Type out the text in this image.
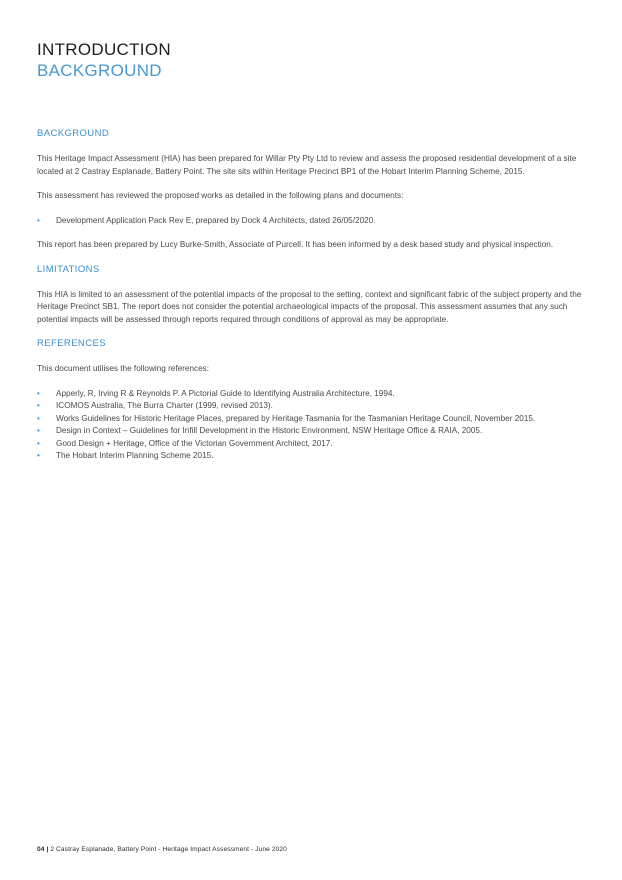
INTRODUCTION
BACKGROUND
BACKGROUND

This Heritage Impact Assessment (HIA) has been prepared for Willar Pty Pty Ltd to review and assess the proposed residential development of a site located at 2 Castray Esplanade, Battery Point. The site sits within Heritage Precinct BP1 of the Hobart Interim Planning Scheme, 2015.

This assessment has reviewed the proposed works as detailed in the following plans and documents:

• Development Application Pack Rev E, prepared by Dock 4 Architects, dated 26/05/2020.

This report has been prepared by Lucy Burke-Smith, Associate of Purcell. It has been informed by a desk based study and physical inspection.

LIMITATIONS

This HIA is limited to an assessment of the potential impacts of the proposal to the setting, context and significant fabric of the subject property and the Heritage Precinct SB1. The report does not consider the potential archaeological impacts of the proposal. This assessment assumes that any such potential impacts will be assessed through reports required through conditions of approval as may be appropriate.

REFERENCES

This document utilises the following references:

• Apperly, R, Irving R & Reynolds P. A Pictorial Guide to Identifying Australia Architecture, 1994.
• ICOMOS Australia, The Burra Charter (1999, revised 2013).
• Works Guidelines for Historic Heritage Places, prepared by Heritage Tasmania for the Tasmanian Heritage Council, November 2015.
• Design in Context – Guidelines for Infill Development in the Historic Environment, NSW Heritage Office & RAIA, 2005.
• Good Design + Heritage, Office of the Victorian Government Architect, 2017.
• The Hobart Interim Planning Scheme 2015.
04 | 2 Castray Esplanade, Battery Point - Heritage Impact Assessment - June 2020
